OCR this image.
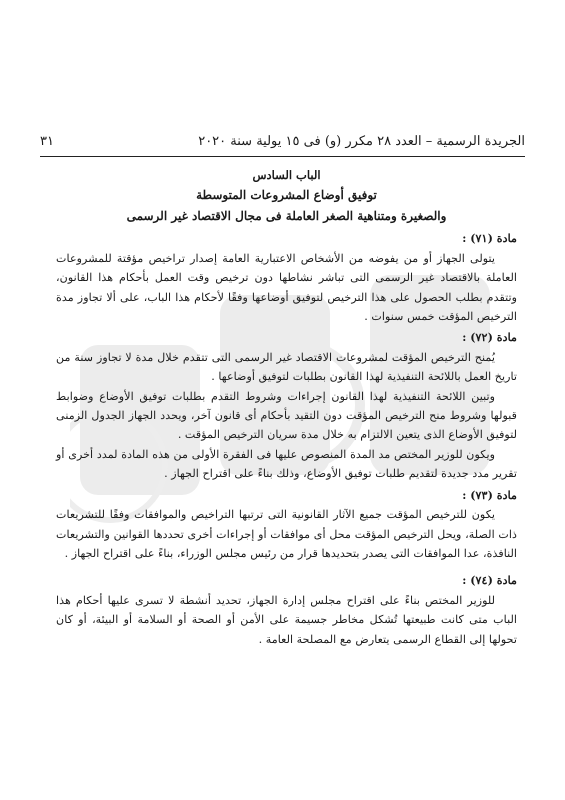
٣١	الجريدة الرسمية – العدد ٢٨ مكرر (و) فى ١٥ يولية سنة ٢٠٢٠
الباب السادس
توفيق أوضاع المشروعات المتوسطة
والصغيرة ومتناهية الصغر العاملة فى مجال الاقتصاد غير الرسمى
مادة (٧١) :

يتولى الجهاز أو من يفوضه من الأشخاص الاعتبارية العامة إصدار تراخيص مؤقتة للمشروعات العاملة بالاقتصاد غير الرسمى التى تباشر نشاطها دون ترخيص وقت العمل بأحكام هذا القانون، وتتقدم بطلب الحصول على هذا الترخيص لتوفيق أوضاعها وفقًا لأحكام هذا الباب، على ألا تجاوز مدة الترخيص المؤقت خمس سنوات .

مادة (٧٢) :

يُمنح الترخيص المؤقت لمشروعات الاقتصاد غير الرسمى التى تتقدم خلال مدة لا تجاوز سنة من تاريخ العمل باللائحة التنفيذية لهذا القانون بطلبات لتوفيق أوضاعها .

وتبين اللائحة التنفيذية لهذا القانون إجراءات وشروط التقدم بطلبات توفيق الأوضاع وضوابط قبولها وشروط منح الترخيص المؤقت دون التقيد بأحكام أى قانون آخر، ويحدد الجهاز الجدول الزمنى لتوفيق الأوضاع الذى يتعين الالتزام به خلال مدة سريان الترخيص المؤقت .

ويكون للوزير المختص مد المدة المنصوص عليها فى الفقرة الأولى من هذه المادة لمدد أخرى أو تقرير مدد جديدة لتقديم طلبات توفيق الأوضاع، وذلك بناءً على اقتراح الجهاز .

مادة (٧٣) :

يكون للترخيص المؤقت جميع الآثار القانونية التى ترتبها التراخيص والموافقات وفقًا للتشريعات ذات الصلة، ويحل الترخيص المؤقت محل أى موافقات أو إجراءات أخرى تحددها القوانين والتشريعات النافذة، عدا الموافقات التى يصدر بتحديدها قرار من رئيس مجلس الوزراء، بناءً على اقتراح الجهاز .

مادة (٧٤) :

للوزير المختص بناءً على اقتراح مجلس إدارة الجهاز، تحديد أنشطة لا تسرى عليها أحكام هذا الباب متى كانت طبيعتها تُشكل مخاطر جسيمة على الأمن أو الصحة أو السلامة أو البيئة، أو كان تحولها إلى القطاع الرسمى يتعارض مع المصلحة العامة .
